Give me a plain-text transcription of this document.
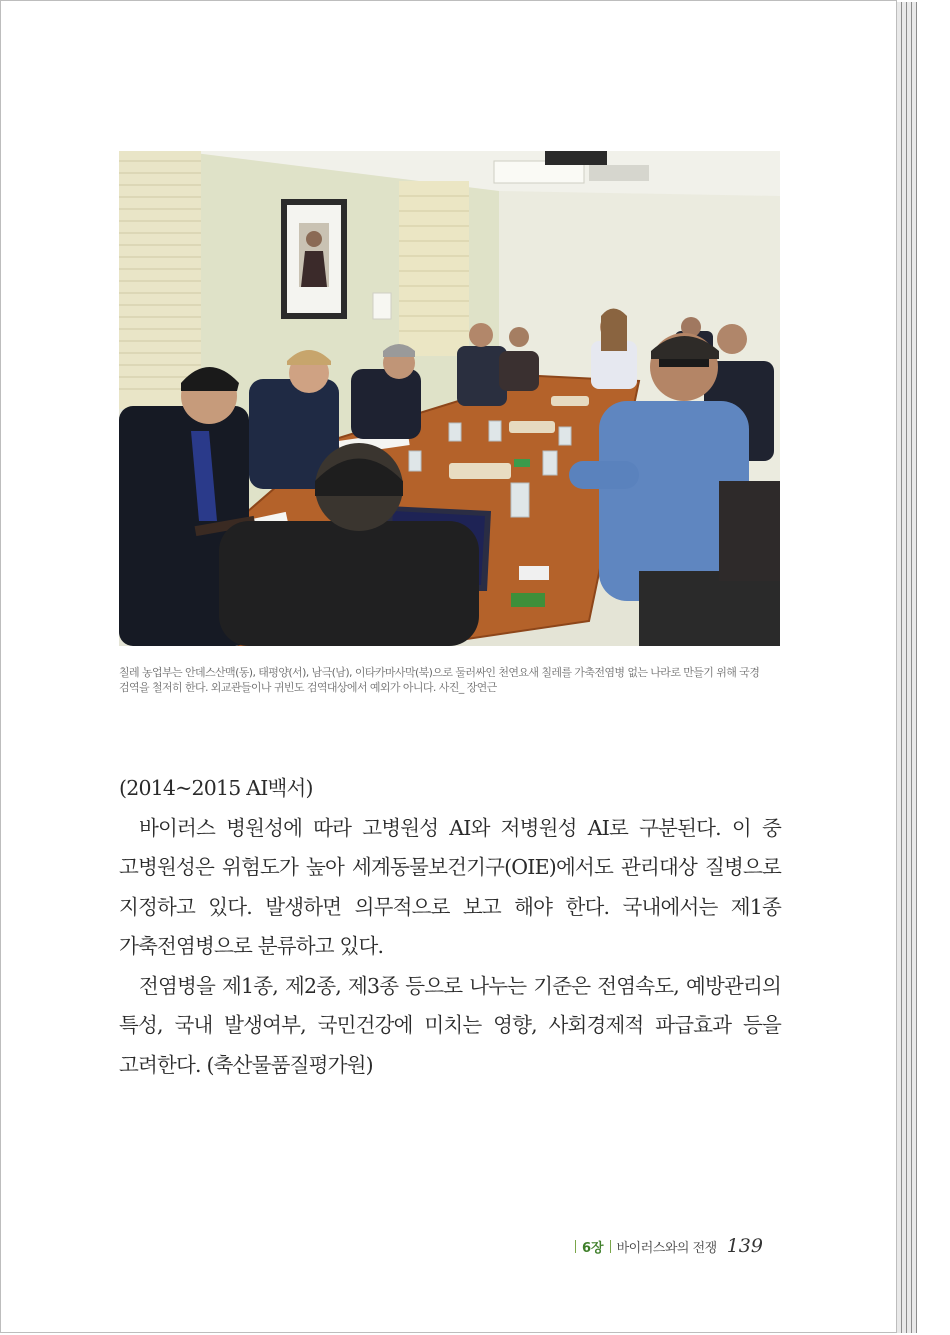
칠레 농업부는 안데스산맥(동), 태평양(서), 남극(남), 이타카마사막(북)으로 둘러싸인 천연요새 칠레를 가축전염병 없는 나라로 만들기 위해 국경
검역을 철저히 한다. 외교관들이나 귀빈도 검역대상에서 예외가 아니다. 사진_ 장연근

(2014~2015 AI백서)

바이러스 병원성에 따라 고병원성 AI와 저병원성 AI로 구분된다. 이 중 고병원성은 위험도가 높아 세계동물보건기구(OIE)에서도 관리대상 질병으로 지정하고 있다. 발생하면 의무적으로 보고 해야 한다. 국내에서는 제1종 가축전염병으로 분류하고 있다.

전염병을 제1종, 제2종, 제3종 등으로 나누는 기준은 전염속도, 예방관리의 특성, 국내 발생여부, 국민건강에 미치는 영향, 사회경제적 파급효과 등을 고려한다. (축산물품질평가원)

6장 바이러스와의 전쟁 139
